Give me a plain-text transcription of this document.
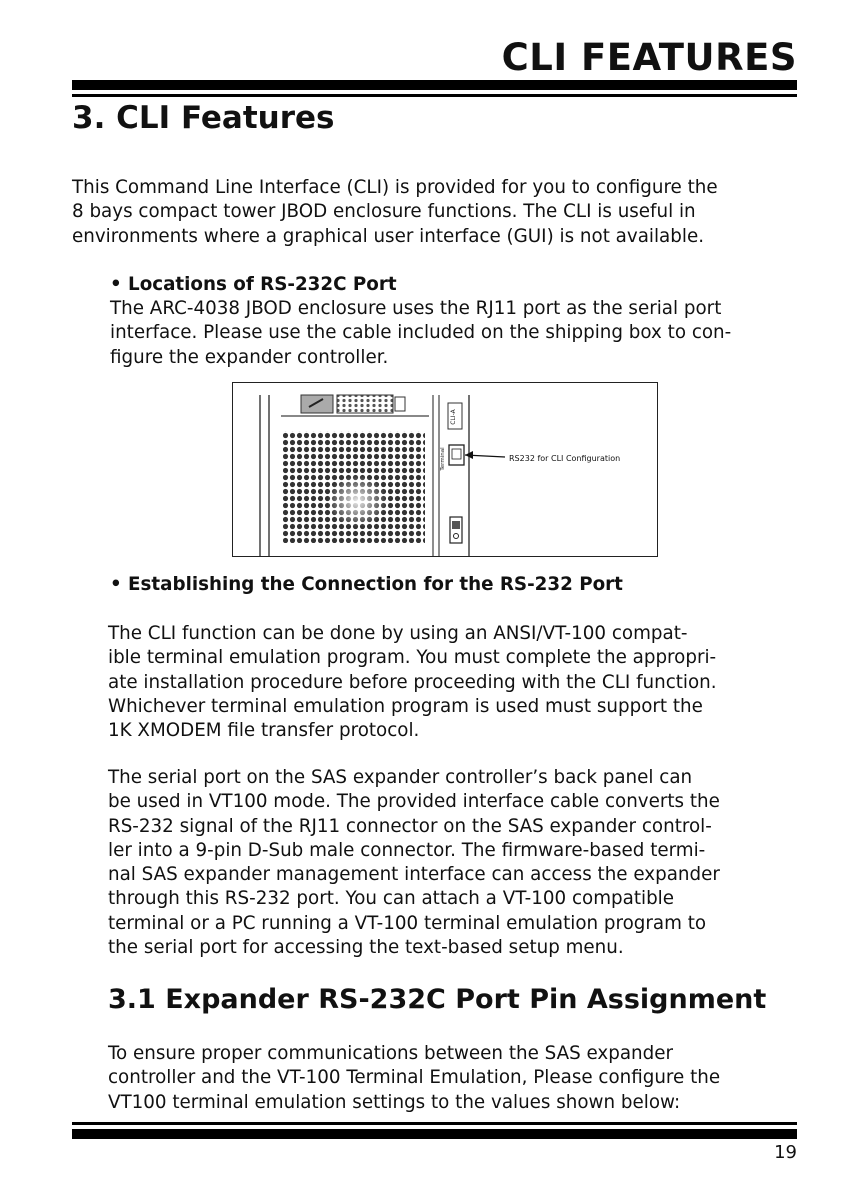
CLI FEATURES
3. CLI Features
This Command Line Interface (CLI) is provided for you to configure the
8 bays compact tower JBOD enclosure functions. The CLI is useful in
environments where a graphical user interface (GUI) is not available.
• Locations of RS-232C Port
The ARC-4038 JBOD enclosure uses the RJ11 port as the serial port
interface. Please use the cable included on the shipping box to con-
figure the expander controller.
CLI-A
Terminal	RS232 for CLI Configuration
• Establishing the Connection for the RS-232 Port
The CLI function can be done by using an ANSI/VT-100 compat-
ible terminal emulation program. You must complete the appropri-
ate installation procedure before proceeding with the CLI function.
Whichever terminal emulation program is used must support the
1K XMODEM file transfer protocol.
The serial port on the SAS expander controller’s back panel can
be used in VT100 mode. The provided interface cable converts the
RS-232 signal of the RJ11 connector on the SAS expander control-
ler into a 9-pin D-Sub male connector. The firmware-based termi-
nal SAS expander management interface can access the expander
through this RS-232 port. You can attach a VT-100 compatible
terminal or a PC running a VT-100 terminal emulation program to
the serial port for accessing the text-based setup menu.
3.1 Expander RS-232C Port Pin Assignment
To ensure proper communications between the SAS expander
controller and the VT-100 Terminal Emulation, Please configure the
VT100 terminal emulation settings to the values shown below:
19
